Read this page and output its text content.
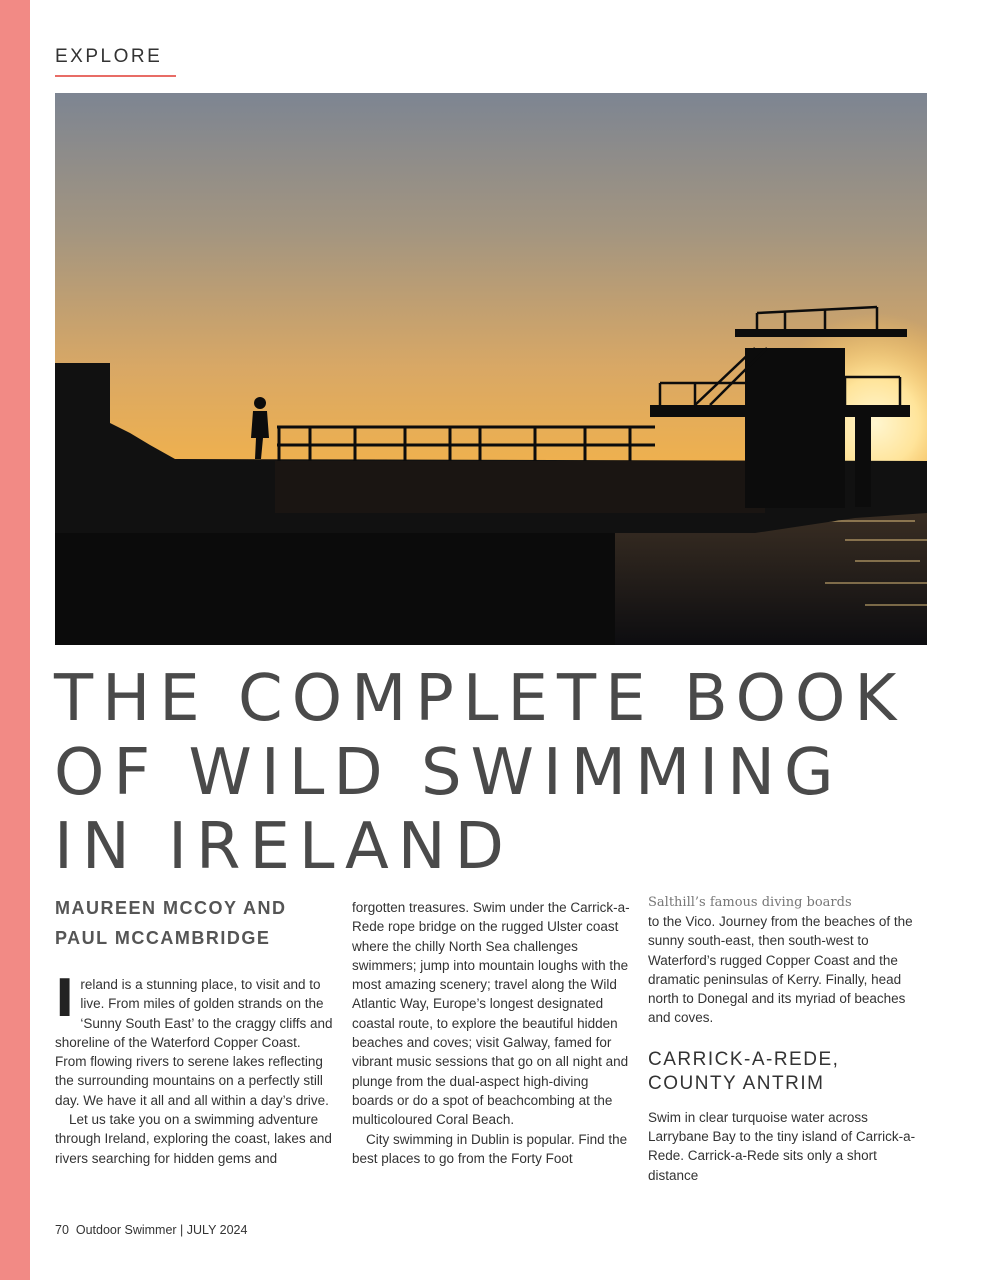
EXPLORE
THE COMPLETE BOOK
OF WILD SWIMMING
IN IRELAND
MAUREEN MCCOY AND
PAUL MCCAMBRIDGE

Ireland is a stunning place, to visit and to live. From miles of golden strands on the ‘Sunny South East’ to the craggy cliffs and shoreline of the Waterford Copper Coast. From flowing rivers to serene lakes reflecting the surrounding mountains on a perfectly still day. We have it all and all within a day’s drive.

Let us take you on a swimming adventure through Ireland, exploring the coast, lakes and rivers searching for hidden gems and

forgotten treasures. Swim under the Carrick-a-Rede rope bridge on the rugged Ulster coast where the chilly North Sea challenges swimmers; jump into mountain loughs with the most amazing scenery; travel along the Wild Atlantic Way, Europe’s longest designated coastal route, to explore the beautiful hidden beaches and coves; visit Galway, famed for vibrant music sessions that go on all night and plunge from the dual-aspect high-diving boards or do a spot of beachcombing at the multicoloured Coral Beach.

City swimming in Dublin is popular. Find the best places to go from the Forty Foot

Salthill’s famous diving boards

to the Vico. Journey from the beaches of the sunny south-east, then south-west to Waterford’s rugged Copper Coast and the dramatic peninsulas of Kerry. Finally, head north to Donegal and its myriad of beaches and coves.

CARRICK-A-REDE,
COUNTY ANTRIM

Swim in clear turquoise water across Larrybane Bay to the tiny island of Carrick-a-Rede. Carrick-a-Rede sits only a short distance

70 Outdoor Swimmer | JULY 2024
